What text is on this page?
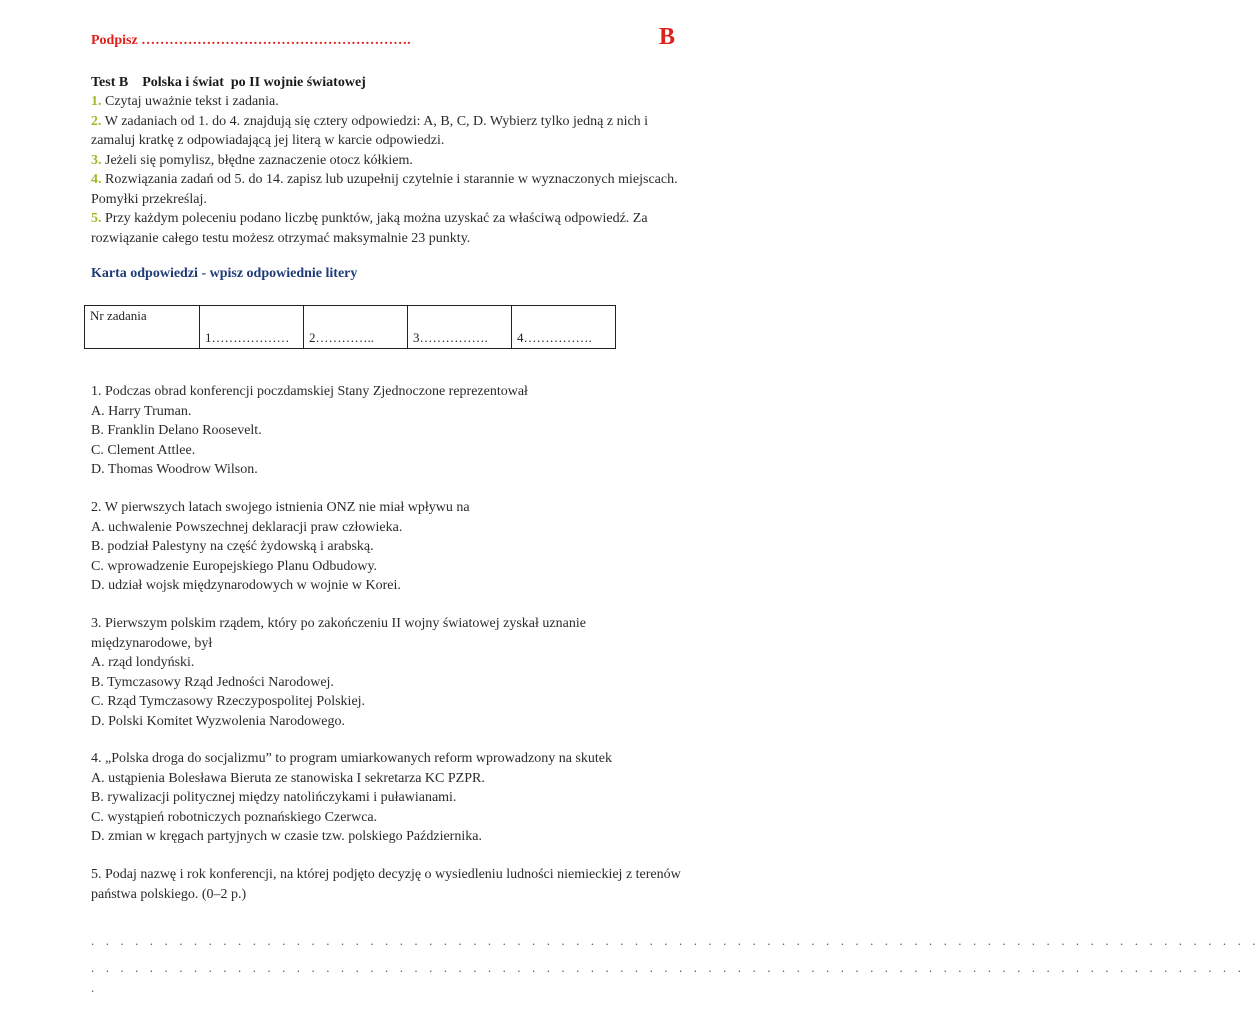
Podpisz ………………………………………………….	B
Test B    Polska i świat  po II wojnie światowej

1. Czytaj uważnie tekst i zadania.

2. W zadaniach od 1. do 4. znajdują się cztery odpowiedzi: A, B, C, D. Wybierz tylko jedną z nich i zamaluj kratkę z odpowiadającą jej literą w karcie odpowiedzi.

3. Jeżeli się pomylisz, błędne zaznaczenie otocz kółkiem.

4. Rozwiązania zadań od 5. do 14. zapisz lub uzupełnij czytelnie i starannie w wyznaczonych miejscach. Pomyłki przekreślaj.

5. Przy każdym poleceniu podano liczbę punktów, jaką można uzyskać za właściwą odpowiedź. Za rozwiązanie całego testu możesz otrzymać maksymalnie 23 punkty.

Karta odpowiedzi - wpisz odpowiednie litery
Nr zadania	1………………	2…………..	3…………….	4…………….

1. Podczas obrad konferencji poczdamskiej Stany Zjednoczone reprezentował

A. Harry Truman.

B. Franklin Delano Roosevelt.

C. Clement Attlee.

D. Thomas Woodrow Wilson.

2. W pierwszych latach swojego istnienia ONZ nie miał wpływu na

A. uchwalenie Powszechnej deklaracji praw człowieka.

B. podział Palestyny na część żydowską i arabską.

C. wprowadzenie Europejskiego Planu Odbudowy.

D. udział wojsk międzynarodowych w wojnie w Korei.

3. Pierwszym polskim rządem, który po zakończeniu II wojny światowej zyskał uznanie międzynarodowe, był

A. rząd londyński.

B. Tymczasowy Rząd Jedności Narodowej.

C. Rząd Tymczasowy Rzeczypospolitej Polskiej.

D. Polski Komitet Wyzwolenia Narodowego.

4. „Polska droga do socjalizmu” to program umiarkowanych reform wprowadzony na skutek

A. ustąpienia Bolesława Bieruta ze stanowiska I sekretarza KC PZPR.

B. rywalizacji politycznej między natolińczykami i puławianami.

C. wystąpień robotniczych poznańskiego Czerwca.

D. zmian w kręgach partyjnych w czasie tzw. polskiego Października.

5. Podaj nazwę i rok konferencji, na której podjęto decyzję o wysiedleniu ludności niemieckiej z terenów państwa polskiego. (0–2 p.)

. . . . . . . . . . . . . . . . . . . . . . . . . . . . . . . . . . . . . . . . . . . . . . . . . . . . . . . . . . . . . . . . . . . . . . . . . . . . . . . .
. . . . . . . . . . . . . . . . . . . . . . . . . . . . . . . . . . . . . . . . . . . . . . . . . . . . . . . . . . . . . . . . . . . . . . . . . . . . . . .
.
